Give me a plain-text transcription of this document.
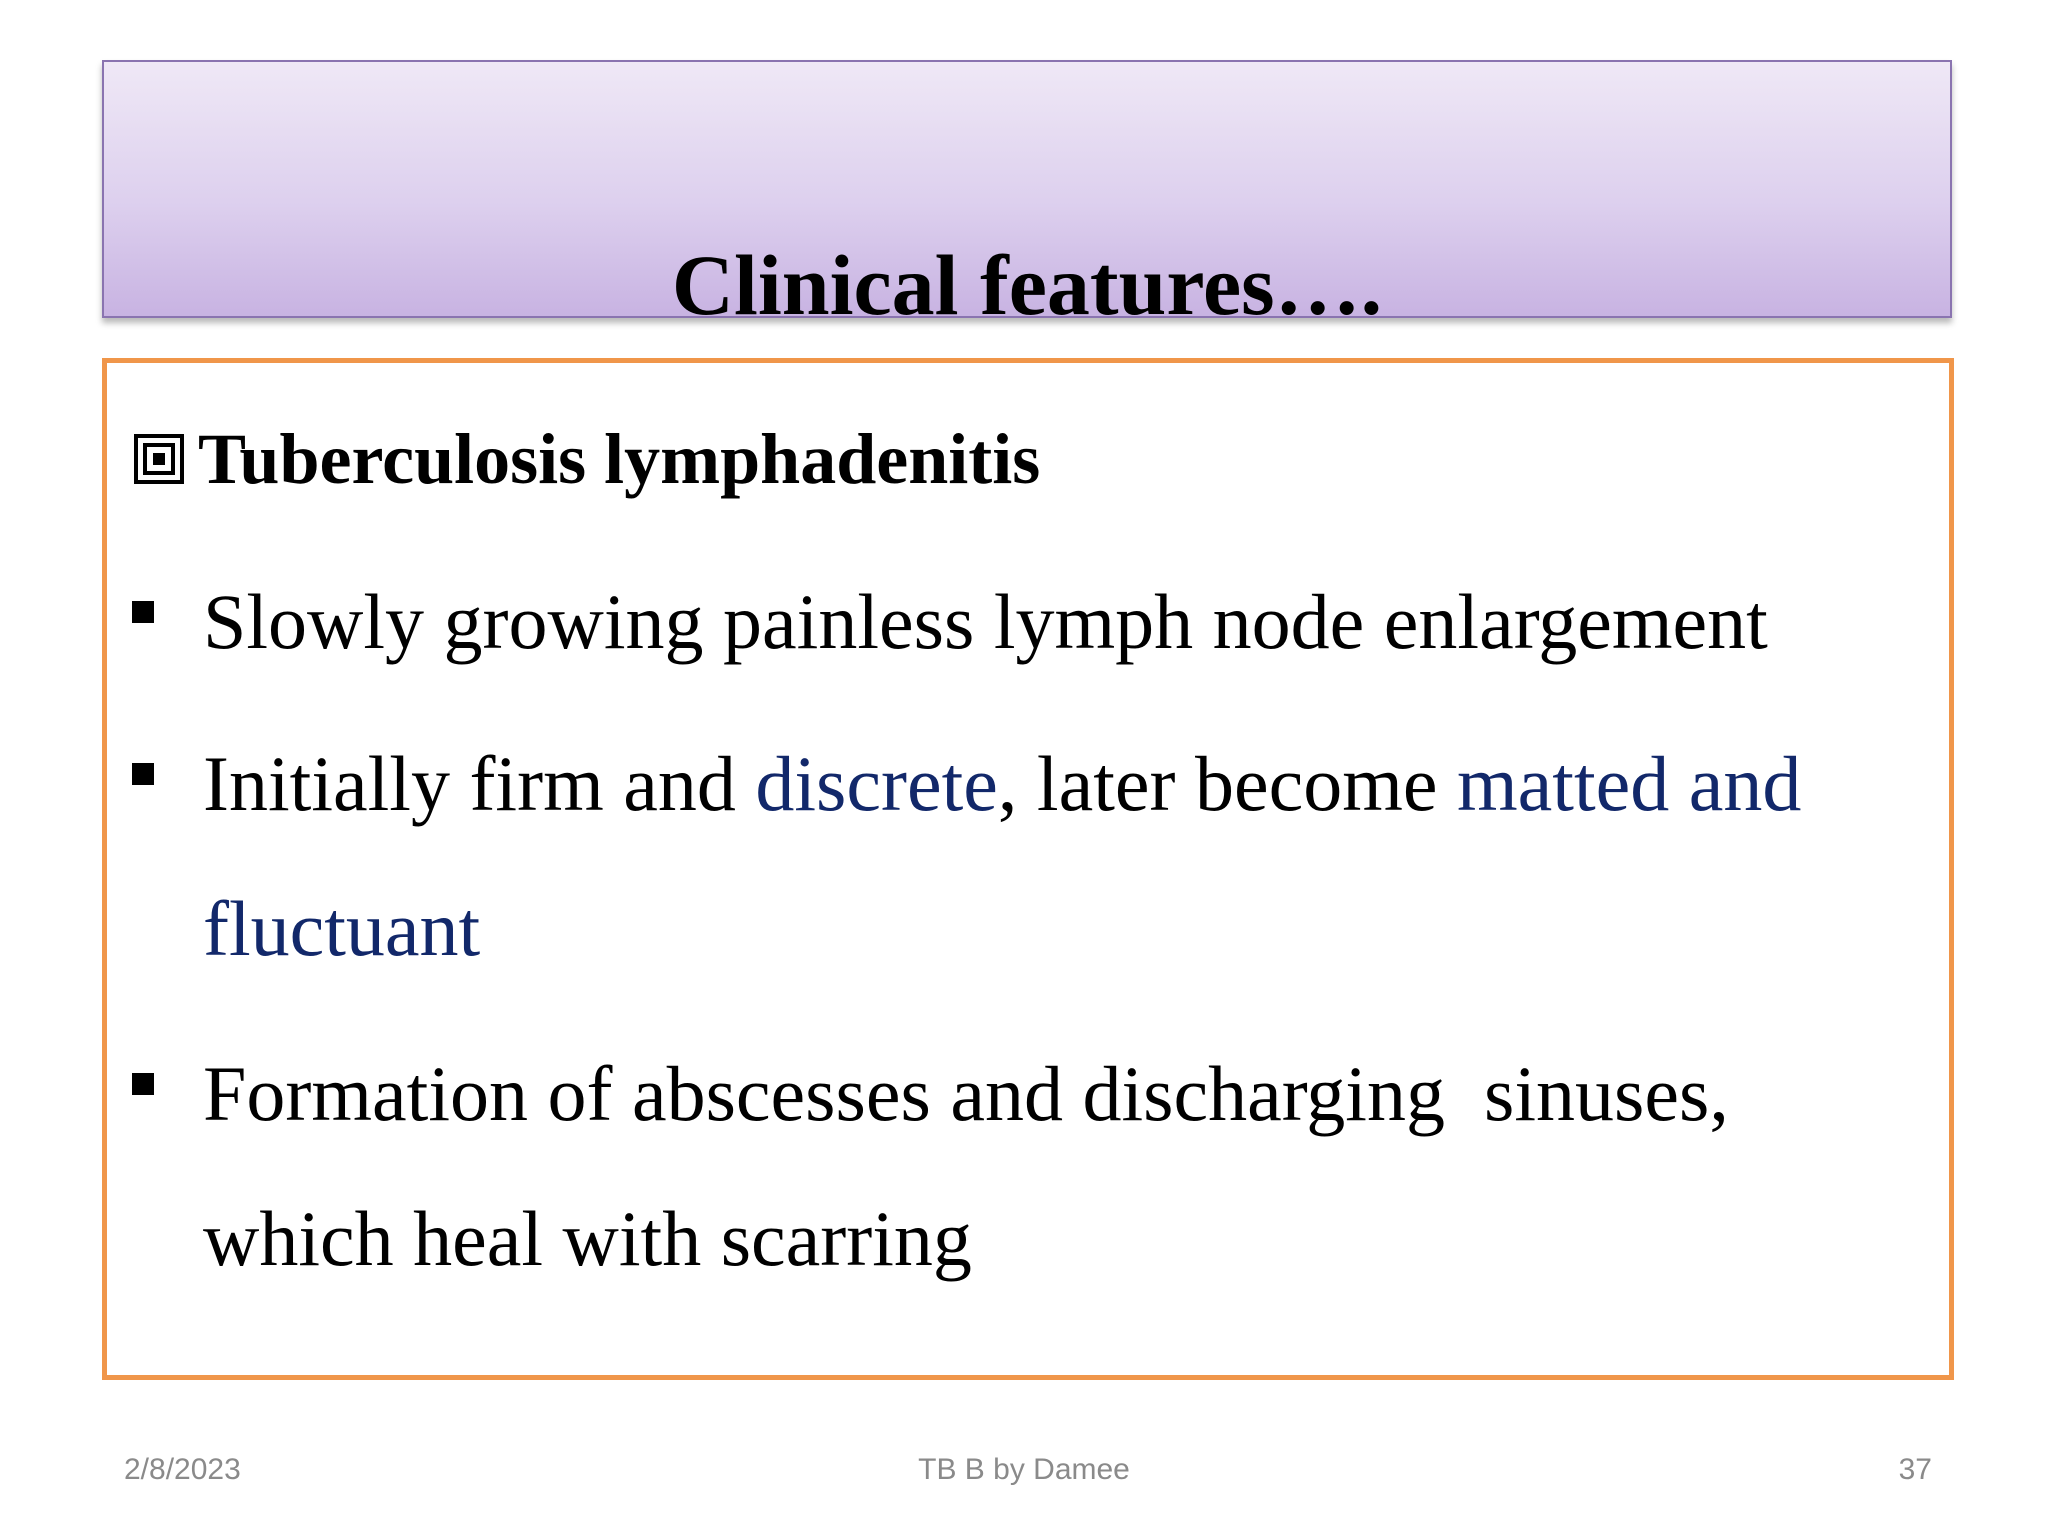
Clinical features….
Tuberculosis lymphadenitis
Slowly growing painless lymph node enlargement
Initially firm and discrete, later become matted and
fluctuant
Formation of abscesses and discharging  sinuses,
which heal with scarring
2/8/2023	TB B by Damee	37
